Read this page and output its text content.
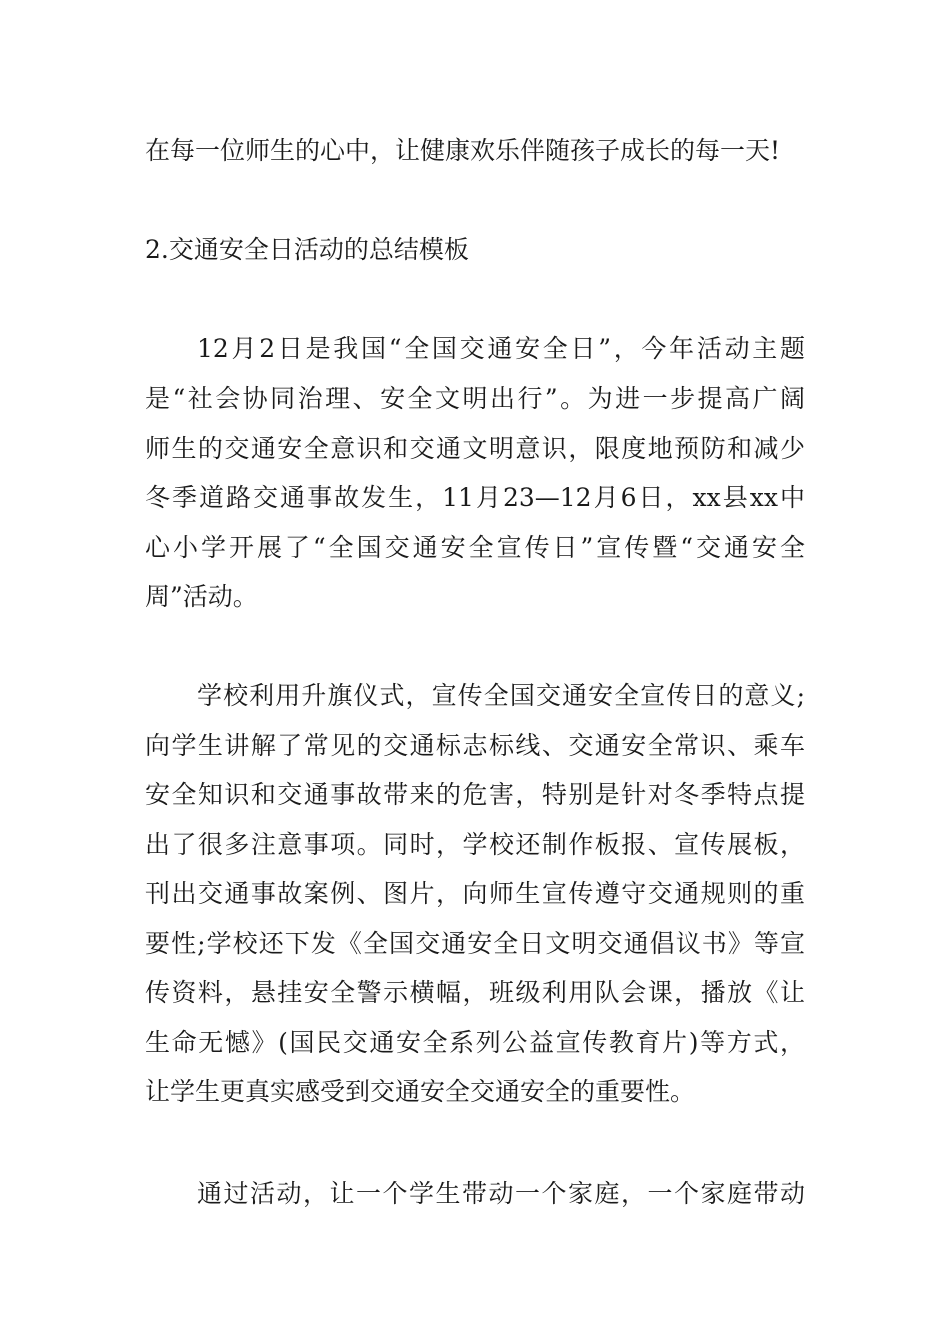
在每一位师生的心中，让健康欢乐伴随孩子成长的每一天!
2.交通安全日活动的总结模板
12月2日是我国“全国交通安全日”，今年活动主题
是“社会协同治理、安全文明出行”。为进一步提高广阔
师生的交通安全意识和交通文明意识，限度地预防和减少
冬季道路交通事故发生，11月23—12月6日，xx县xx中
心小学开展了“全国交通安全宣传日”宣传暨“交通安全
周”活动。
学校利用升旗仪式，宣传全国交通安全宣传日的意义;
向学生讲解了常见的交通标志标线、交通安全常识、乘车
安全知识和交通事故带来的危害，特别是针对冬季特点提
出了很多注意事项。同时，学校还制作板报、宣传展板，
刊出交通事故案例、图片，向师生宣传遵守交通规则的重
要性;学校还下发《全国交通安全日文明交通倡议书》等宣
传资料，悬挂安全警示横幅，班级利用队会课，播放《让
生命无憾》(国民交通安全系列公益宣传教育片)等方式，
让学生更真实感受到交通安全交通安全的重要性。
通过活动，让一个学生带动一个家庭，一个家庭带动
